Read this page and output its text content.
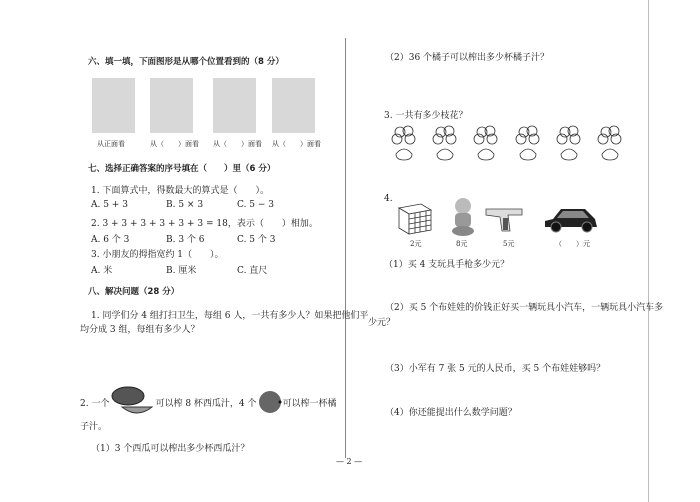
六、填一填，下面图形是从哪个位置看到的（8 分）
从正面看	从（　　）面看 从（　　）面看 从（　　）面看
七、选择正确答案的序号填在（　　）里（6 分）
1. 下面算式中，得数最大的算式是（　　）。
A. 5 + 3	B. 5 × 3	C. 5 − 3
2. 3 + 3 + 3 + 3 + 3 + 3 = 18，表示（　　）相加。
A. 6 个 3	B. 3 个 6	C. 5 个 3
3. 小朋友的拇指宽约 1（　　）。
A. 米	B. 厘米	C. 直尺
八、解决问题（28 分）
1. 同学们分 4 组打扫卫生，每组 6 人，一共有多少人？如果把他们平
均分成 3 组，每组有多少人？
2. 一个	可以榨 8 杯西瓜汁，4 个	可以榨一杯橘
子汁。
（1）3 个西瓜可以榨出多少杯西瓜汁？
（2）36 个橘子可以榨出多少杯橘子汁？
3. 一共有多少枝花？
4.
2元	8元	5元	（　　）元
（1）买 4 支玩具手枪多少元？
（2）买 5 个布娃娃的价钱正好买一辆玩具小汽车，一辆玩具小汽车多
少元？
（3）小军有 7 张 5 元的人民币，买 5 个布娃娃够吗？
（4）你还能提出什么数学问题？
— 2 —
